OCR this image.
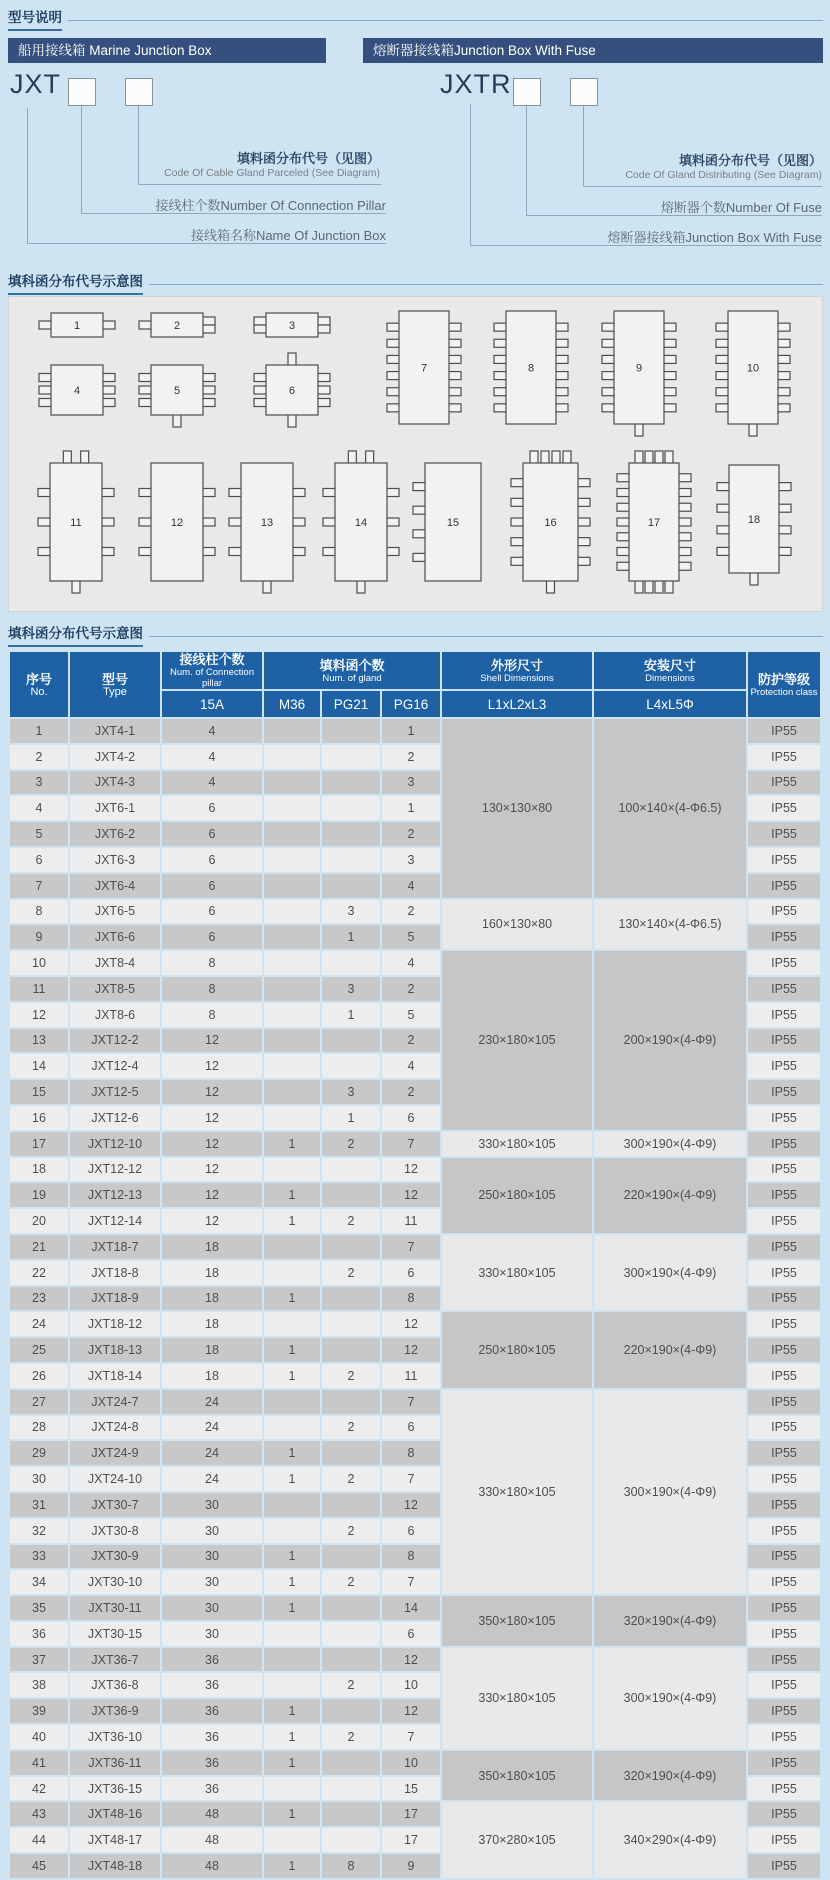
型号说明
船用接线箱 Marine Junction Box	熔断器接线箱Junction Box With Fuse
JXT
填料函分布代号（见图）
Code Of Cable Gland Parceled (See Diagram)
接线柱个数Number Of Connection Pillar
接线箱名称Name Of Junction Box
JXTR
填料函分布代号（见图）
Code Of Gland Distributing (See Diagram)
熔断器个数Number Of Fuse
熔断器接线箱Junction Box With Fuse
填科函分布代号示意图
1	2	3
4	5	6
7	8	9	10
11	12	13	14	15	16	17	18
填科函分布代号示意图
序号
No.	型号
Type	接线柱个数
Num. of Connection pillar	填料函个数
Num. of gland			外形尺寸
Shell Dimensions	安装尺寸
Dimensions	防护等级
Protection class

		15A	M36	PG21	PG16	L1xL2xL3	L4xL5Φ	
1	JXT4-1	4			1	130×130×80	100×140×(4-Φ6.5)	IP55
2	JXT4-2	4			2			IP55
3	JXT4-3	4			3			IP55
4	JXT6-1	6			1			IP55
5	JXT6-2	6			2			IP55
6	JXT6-3	6			3			IP55
7	JXT6-4	6			4			IP55
8	JXT6-5	6		3	2	160×130×80	130×140×(4-Φ6.5)	IP55
9	JXT6-6	6		1	5			IP55
10	JXT8-4	8			4	230×180×105	200×190×(4-Φ9)	IP55
11	JXT8-5	8		3	2			IP55
12	JXT8-6	8		1	5			IP55
13	JXT12-2	12			2			IP55
14	JXT12-4	12			4			IP55
15	JXT12-5	12		3	2			IP55
16	JXT12-6	12		1	6			IP55
17	JXT12-10	12	1	2	7	330×180×105	300×190×(4-Φ9)	IP55
18	JXT12-12	12			12	250×180×105	220×190×(4-Φ9)	IP55
19	JXT12-13	12	1		12			IP55
20	JXT12-14	12	1	2	11			IP55
21	JXT18-7	18			7	330×180×105	300×190×(4-Φ9)	IP55
22	JXT18-8	18		2	6			IP55
23	JXT18-9	18	1		8			IP55
24	JXT18-12	18			12	250×180×105	220×190×(4-Φ9)	IP55
25	JXT18-13	18	1		12			IP55
26	JXT18-14	18	1	2	11			IP55
27	JXT24-7	24			7	330×180×105	300×190×(4-Φ9)	IP55
28	JXT24-8	24		2	6			IP55
29	JXT24-9	24	1		8			IP55
30	JXT24-10	24	1	2	7			IP55
31	JXT30-7	30			12			IP55
32	JXT30-8	30		2	6			IP55
33	JXT30-9	30	1		8			IP55
34	JXT30-10	30	1	2	7			IP55
35	JXT30-11	30	1		14	350×180×105	320×190×(4-Φ9)	IP55
36	JXT30-15	30			6			IP55
37	JXT36-7	36			12	330×180×105	300×190×(4-Φ9)	IP55
38	JXT36-8	36		2	10			IP55
39	JXT36-9	36	1		12			IP55
40	JXT36-10	36	1	2	7			IP55
41	JXT36-11	36	1		10	350×180×105	320×190×(4-Φ9)	IP55
42	JXT36-15	36			15			IP55
43	JXT48-16	48	1		17	370×280×105	340×290×(4-Φ9)	IP55
44	JXT48-17	48			17			IP55
45	JXT48-18	48	1	8	9			IP55
